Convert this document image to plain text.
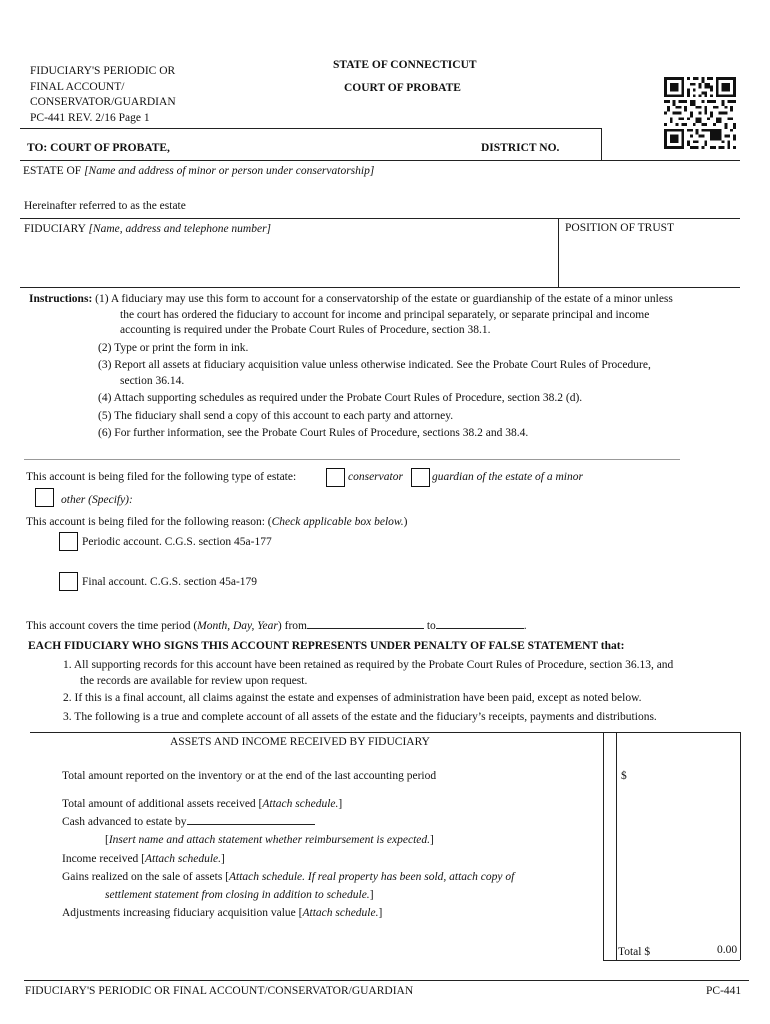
FIDUCIARY'S PERIODIC OR
FINAL ACCOUNT/
CONSERVATOR/GUARDIAN
PC-441 REV. 2/16 Page 1
STATE OF CONNECTICUT
COURT OF PROBATE
TO: COURT OF PROBATE,	DISTRICT NO.
ESTATE OF [Name and address of minor or person under conservatorship]
Hereinafter referred to as the estate
FIDUCIARY [Name, address and telephone number]	POSITION OF TRUST
Instructions: (1) A fiduciary may use this form to account for a conservatorship of the estate or guardianship of the estate of a minor unless
the court has ordered the fiduciary to account for income and principal separately, or separate principal and income
accounting is required under the Probate Court Rules of Procedure, section 38.1.
(2) Type or print the form in ink.
(3) Report all assets at fiduciary acquisition value unless otherwise indicated. See the Probate Court Rules of Procedure,
section 36.14.
(4) Attach supporting schedules as required under the Probate Court Rules of Procedure, section 38.2 (d).
(5) The fiduciary shall send a copy of this account to each party and attorney.
(6) For further information, see the Probate Court Rules of Procedure, sections 38.2 and 38.4.
This account is being filed for the following type of estate:	conservator	guardian of the estate of a minor
other (Specify):
This account is being filed for the following reason: (Check applicable box below.)
Periodic account. C.G.S. section 45a-177
Final account. C.G.S. section 45a-179
This account covers the time period (Month, Day, Year) from	to	.
EACH FIDUCIARY WHO SIGNS THIS ACCOUNT REPRESENTS UNDER PENALTY OF FALSE STATEMENT that:
1. All supporting records for this account have been retained as required by the Probate Court Rules of Procedure, section 36.13, and
the records are available for review upon request.
2. If this is a final account, all claims against the estate and expenses of administration have been paid, except as noted below.
3. The following is a true and complete account of all assets of the estate and the fiduciary’s receipts, payments and distributions.
ASSETS AND INCOME RECEIVED BY FIDUCIARY
Total amount reported on the inventory or at the end of the last accounting period	$
Total amount of additional assets received [Attach schedule.]
Cash advanced to estate by
[Insert name and attach statement whether reimbursement is expected.]
Income received [Attach schedule.]
Gains realized on the sale of assets [Attach schedule. If real property has been sold, attach copy of
settlement statement from closing in addition to schedule.]
Adjustments increasing fiduciary acquisition value [Attach schedule.]
Total $	0.00
FIDUCIARY'S PERIODIC OR FINAL ACCOUNT/CONSERVATOR/GUARDIAN	PC-441
